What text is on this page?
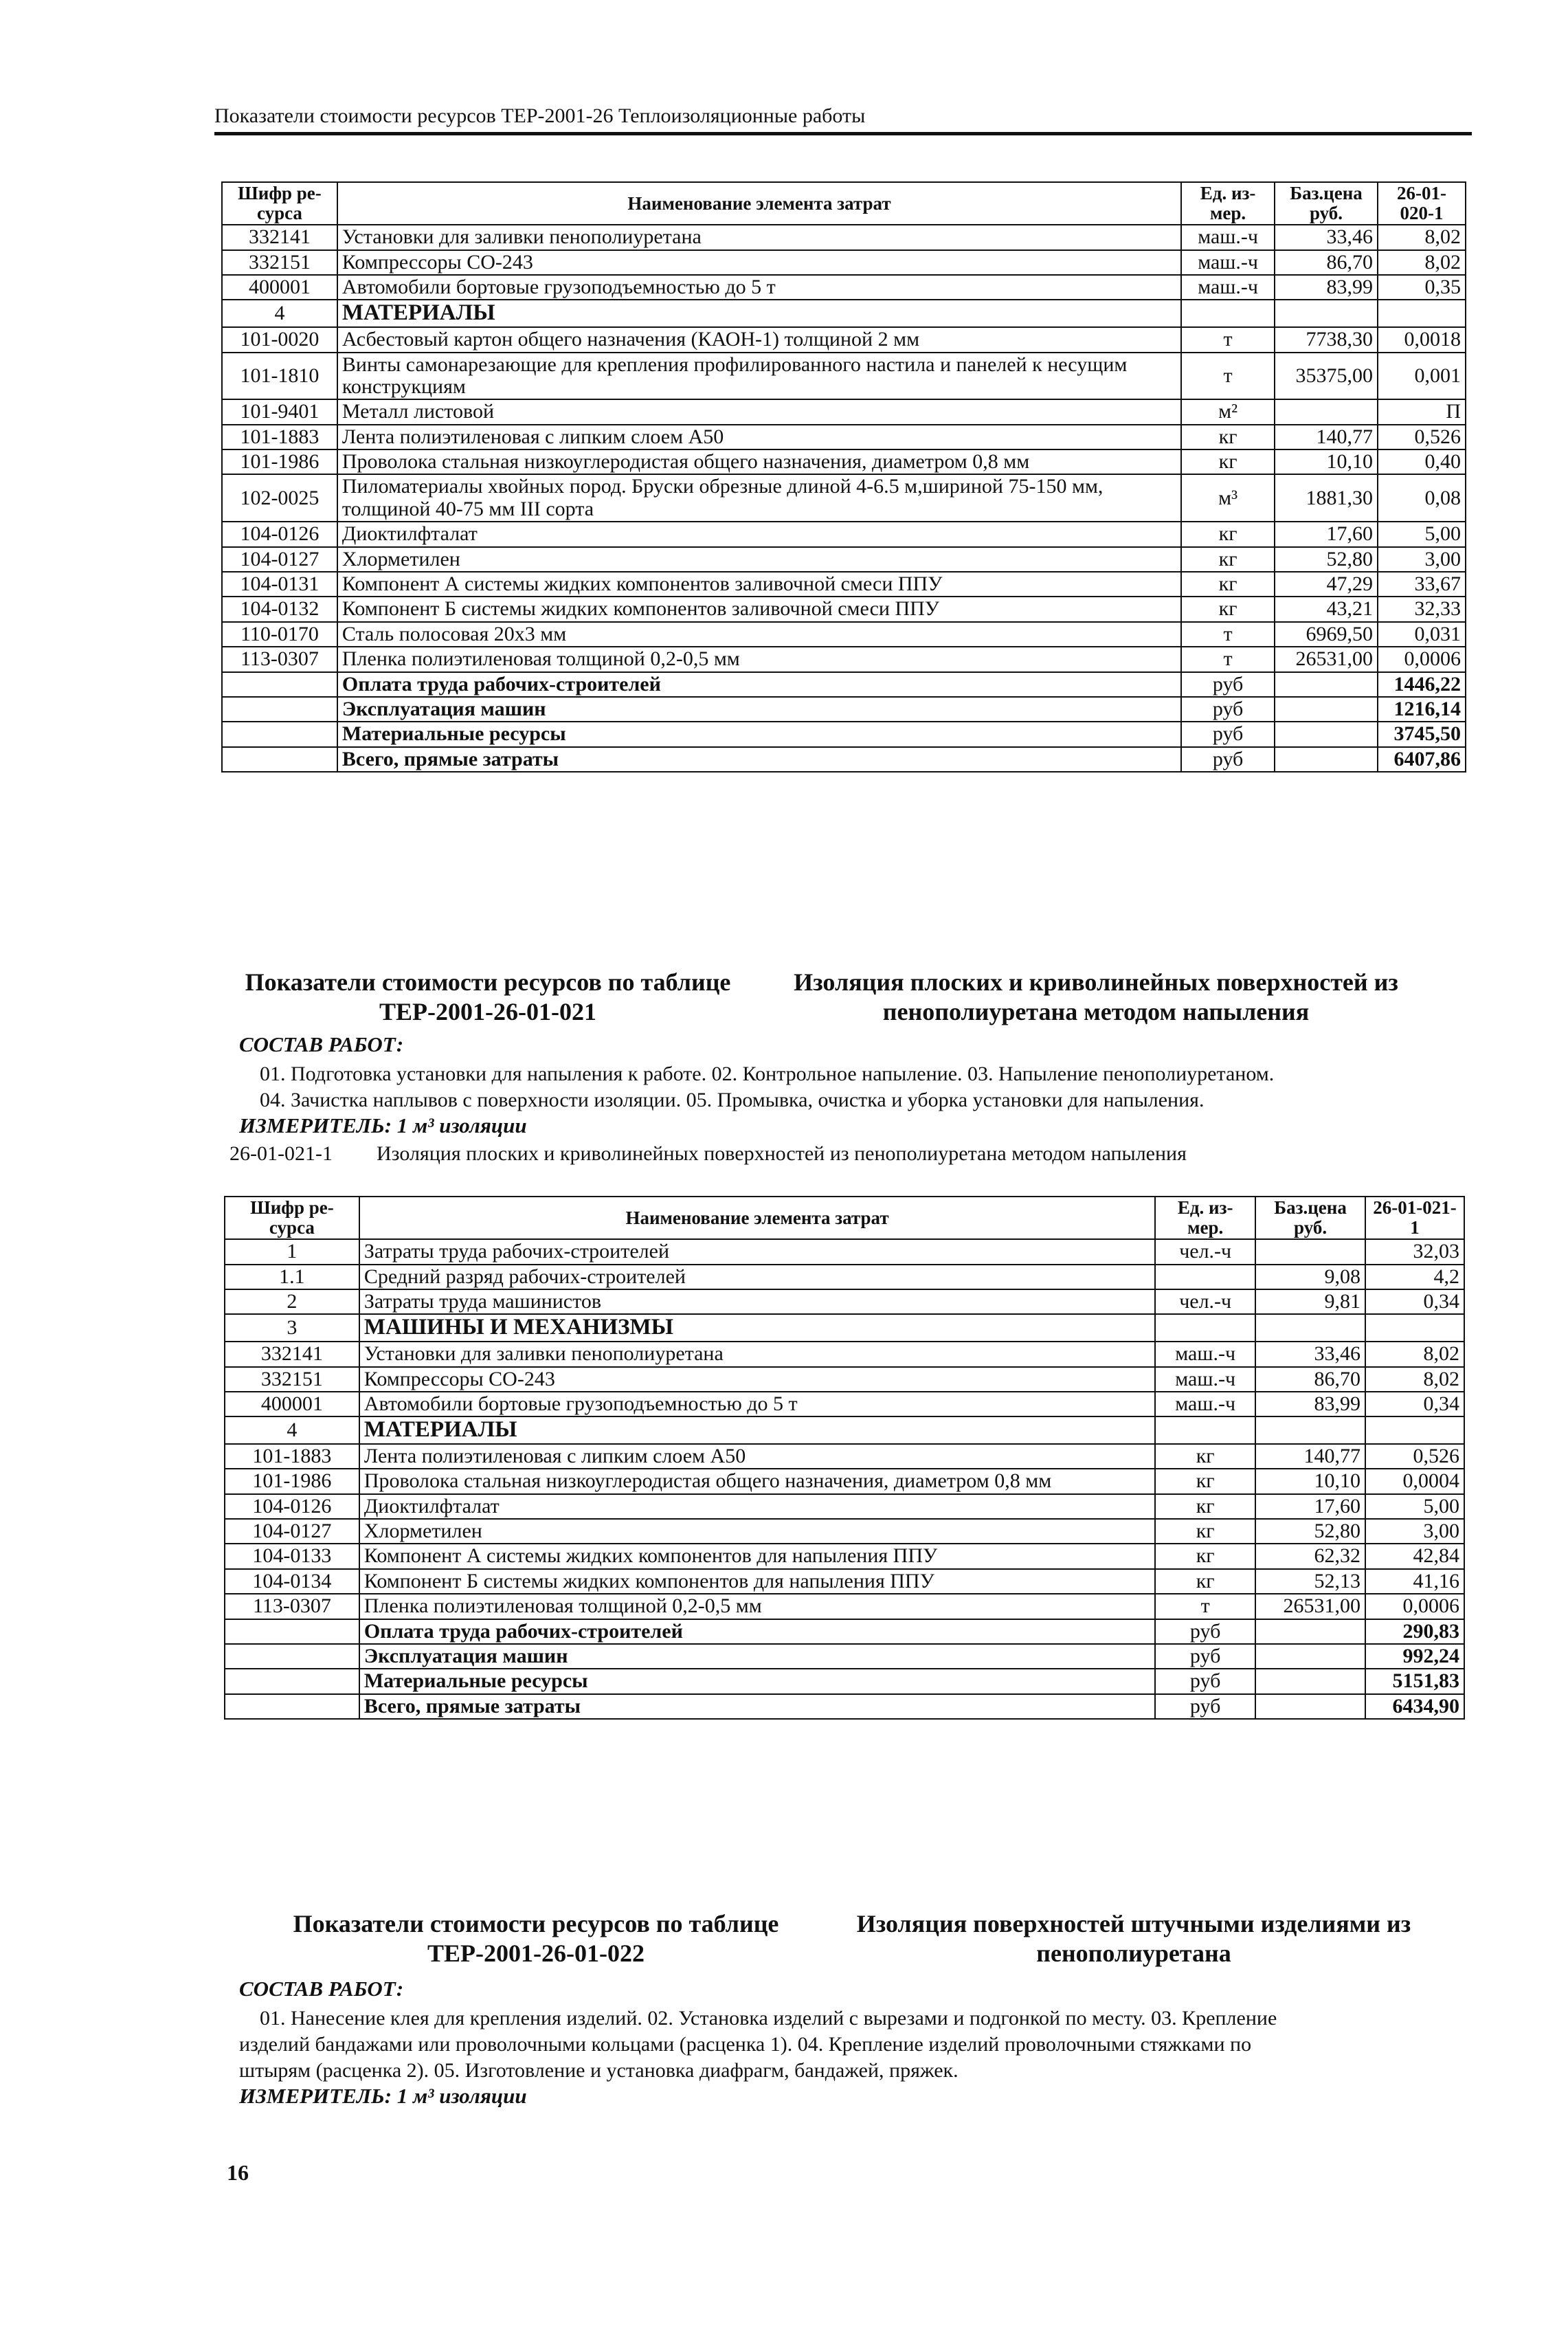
Показатели стоимости ресурсов ТЕР-2001-26 Теплоизоляционные работы
Шифр ре-сурса	Наименование элемента затрат	Ед. из-мер.	Баз.цена руб.	26-01-020-1
332141	Установки для заливки пенополиуретана	маш.-ч	33,46	8,02
332151	Компрессоры СО-243	маш.-ч	86,70	8,02
400001	Автомобили бортовые грузоподъемностью до 5 т	маш.-ч	83,99	0,35
4	МАТЕРИАЛЫ			
101-0020	Асбестовый картон общего назначения (КАОН-1) толщиной 2 мм	т	7738,30	0,0018
101-1810	Винты самонарезающие для крепления профилированного настила и панелей к несущим конструкциям	т	35375,00	0,001
101-9401	Металл листовой	м²		П
101-1883	Лента полиэтиленовая с липким слоем А50	кг	140,77	0,526
101-1986	Проволока стальная низкоуглеродистая общего назначения, диаметром 0,8 мм	кг	10,10	0,40
102-0025	Пиломатериалы хвойных пород. Бруски обрезные длиной 4-6.5 м,шириной 75-150 мм, толщиной 40-75 мм III сорта	м³	1881,30	0,08
104-0126	Диоктилфталат	кг	17,60	5,00
104-0127	Хлорметилен	кг	52,80	3,00
104-0131	Компонент А системы жидких компонентов заливочной смеси ППУ	кг	47,29	33,67
104-0132	Компонент Б системы жидких компонентов заливочной смеси ППУ	кг	43,21	32,33
110-0170	Сталь полосовая 20х3 мм	т	6969,50	0,031
113-0307	Пленка полиэтиленовая толщиной 0,2-0,5 мм	т	26531,00	0,0006
	Оплата труда рабочих-строителей	руб		1446,22
	Эксплуатация машин	руб		1216,14
	Материальные ресурсы	руб		3745,50
	Всего, прямые затраты	руб		6407,86
Показатели стоимости ресурсов по таблице ТЕР-2001-26-01-021
Изоляция плоских и криволинейных поверхностей из пенополиуретана методом напыления
СОСТАВ РАБОТ:
01. Подготовка установки для напыления к работе. 02. Контрольное напыление. 03. Напыление пенополиуретаном.
04. Зачистка наплывов с поверхности изоляции. 05. Промывка, очистка и уборка установки для напыления.
ИЗМЕРИТЕЛЬ: 1 м³ изоляции
26-01-021-1 Изоляция плоских и криволинейных поверхностей из пенополиуретана методом напыления
Шифр ре-сурса	Наименование элемента затрат	Ед. из-мер.	Баз.цена руб.	26-01-021-1
1	Затраты труда рабочих-строителей	чел.-ч		32,03
1.1	Средний разряд рабочих-строителей		9,08	4,2
2	Затраты труда машинистов	чел.-ч	9,81	0,34
3	МАШИНЫ И МЕХАНИЗМЫ			
332141	Установки для заливки пенополиуретана	маш.-ч	33,46	8,02
332151	Компрессоры СО-243	маш.-ч	86,70	8,02
400001	Автомобили бортовые грузоподъемностью до 5 т	маш.-ч	83,99	0,34
4	МАТЕРИАЛЫ			
101-1883	Лента полиэтиленовая с липким слоем А50	кг	140,77	0,526
101-1986	Проволока стальная низкоуглеродистая общего назначения, диаметром 0,8 мм	кг	10,10	0,0004
104-0126	Диоктилфталат	кг	17,60	5,00
104-0127	Хлорметилен	кг	52,80	3,00
104-0133	Компонент А системы жидких компонентов для напыления ППУ	кг	62,32	42,84
104-0134	Компонент Б системы жидких компонентов для напыления ППУ	кг	52,13	41,16
113-0307	Пленка полиэтиленовая толщиной 0,2-0,5 мм	т	26531,00	0,0006
	Оплата труда рабочих-строителей	руб		290,83
	Эксплуатация машин	руб		992,24
	Материальные ресурсы	руб		5151,83
	Всего, прямые затраты	руб		6434,90
Показатели стоимости ресурсов по таблице ТЕР-2001-26-01-022
Изоляция поверхностей штучными изделиями из пенополиуретана
СОСТАВ РАБОТ:
01. Нанесение клея для крепления изделий. 02. Установка изделий с вырезами и подгонкой по месту. 03. Крепление
изделий бандажами или проволочными кольцами (расценка 1). 04. Крепление изделий проволочными стяжками по
штырям (расценка 2). 05. Изготовление и установка диафрагм, бандажей, пряжек.
ИЗМЕРИТЕЛЬ: 1 м³ изоляции
16
